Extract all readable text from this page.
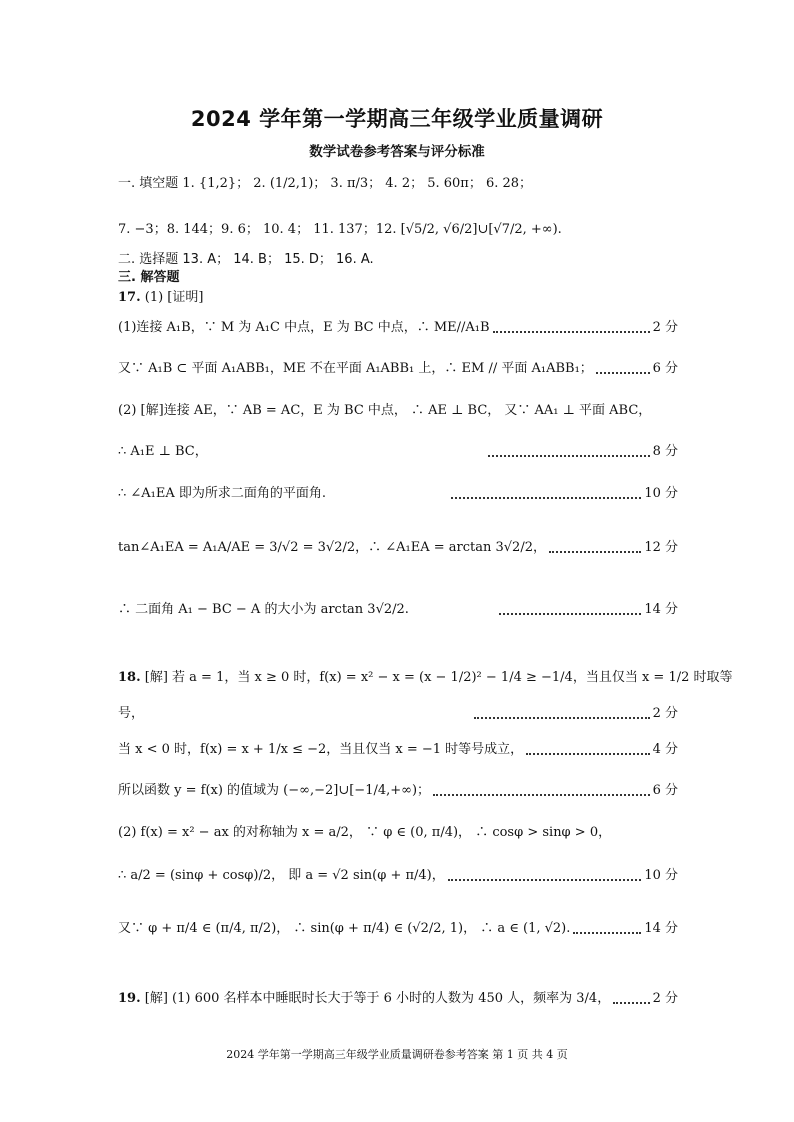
2024 学年第一学期高三年级学业质量调研
数学试卷参考答案与评分标准
一. 填空题 1. {1,2}； 2. (1/2,1)； 3. π/3； 4. 2； 5. 60π； 6. 28；
7. −3；8. 144；9. 6； 10. 4； 11. 137；12. [√5/2, √6/2]∪[√7/2, +∞).
二. 选择题 13. A； 14. B； 15. D； 16. A.
三. 解答题
17. (1) [证明]
(1)连接 A₁B，∵ M 为 A₁C 中点，E 为 BC 中点，∴ ME//A₁B	2 分
又∵ A₁B ⊂ 平面 A₁ABB₁，ME 不在平面 A₁ABB₁ 上，∴ EM // 平面 A₁ABB₁；	6 分
(2) [解]连接 AE，∵ AB = AC，E 为 BC 中点， ∴ AE ⊥ BC， 又∵ AA₁ ⊥ 平面 ABC，
∴ A₁E ⊥ BC，	8 分
∴ ∠A₁EA 即为所求二面角的平面角.	10 分
tan∠A₁EA = A₁A/AE = 3/√2 = 3√2/2，∴ ∠A₁EA = arctan 3√2/2，	12 分
∴ 二面角 A₁ − BC − A 的大小为 arctan 3√2/2.	14 分
18. [解] 若 a = 1，当 x ≥ 0 时，f(x) = x² − x = (x − 1/2)² − 1/4 ≥ −1/4，当且仅当 x = 1/2 时取等
号，	2 分
当 x < 0 时，f(x) = x + 1/x ≤ −2，当且仅当 x = −1 时等号成立，	4 分
所以函数 y = f(x) 的值域为 (−∞,−2]∪[−1/4,+∞)；	6 分
(2) f(x) = x² − ax 的对称轴为 x = a/2， ∵ φ ∈ (0, π/4)， ∴ cosφ > sinφ > 0，
∴ a/2 = (sinφ + cosφ)/2， 即 a = √2 sin(φ + π/4)，	10 分
又∵ φ + π/4 ∈ (π/4, π/2)， ∴ sin(φ + π/4) ∈ (√2/2, 1)， ∴ a ∈ (1, √2).	14 分
19. [解] (1) 600 名样本中睡眠时长大于等于 6 小时的人数为 450 人，频率为 3/4，	2 分
2024 学年第一学期高三年级学业质量调研卷参考答案 第 1 页 共 4 页
